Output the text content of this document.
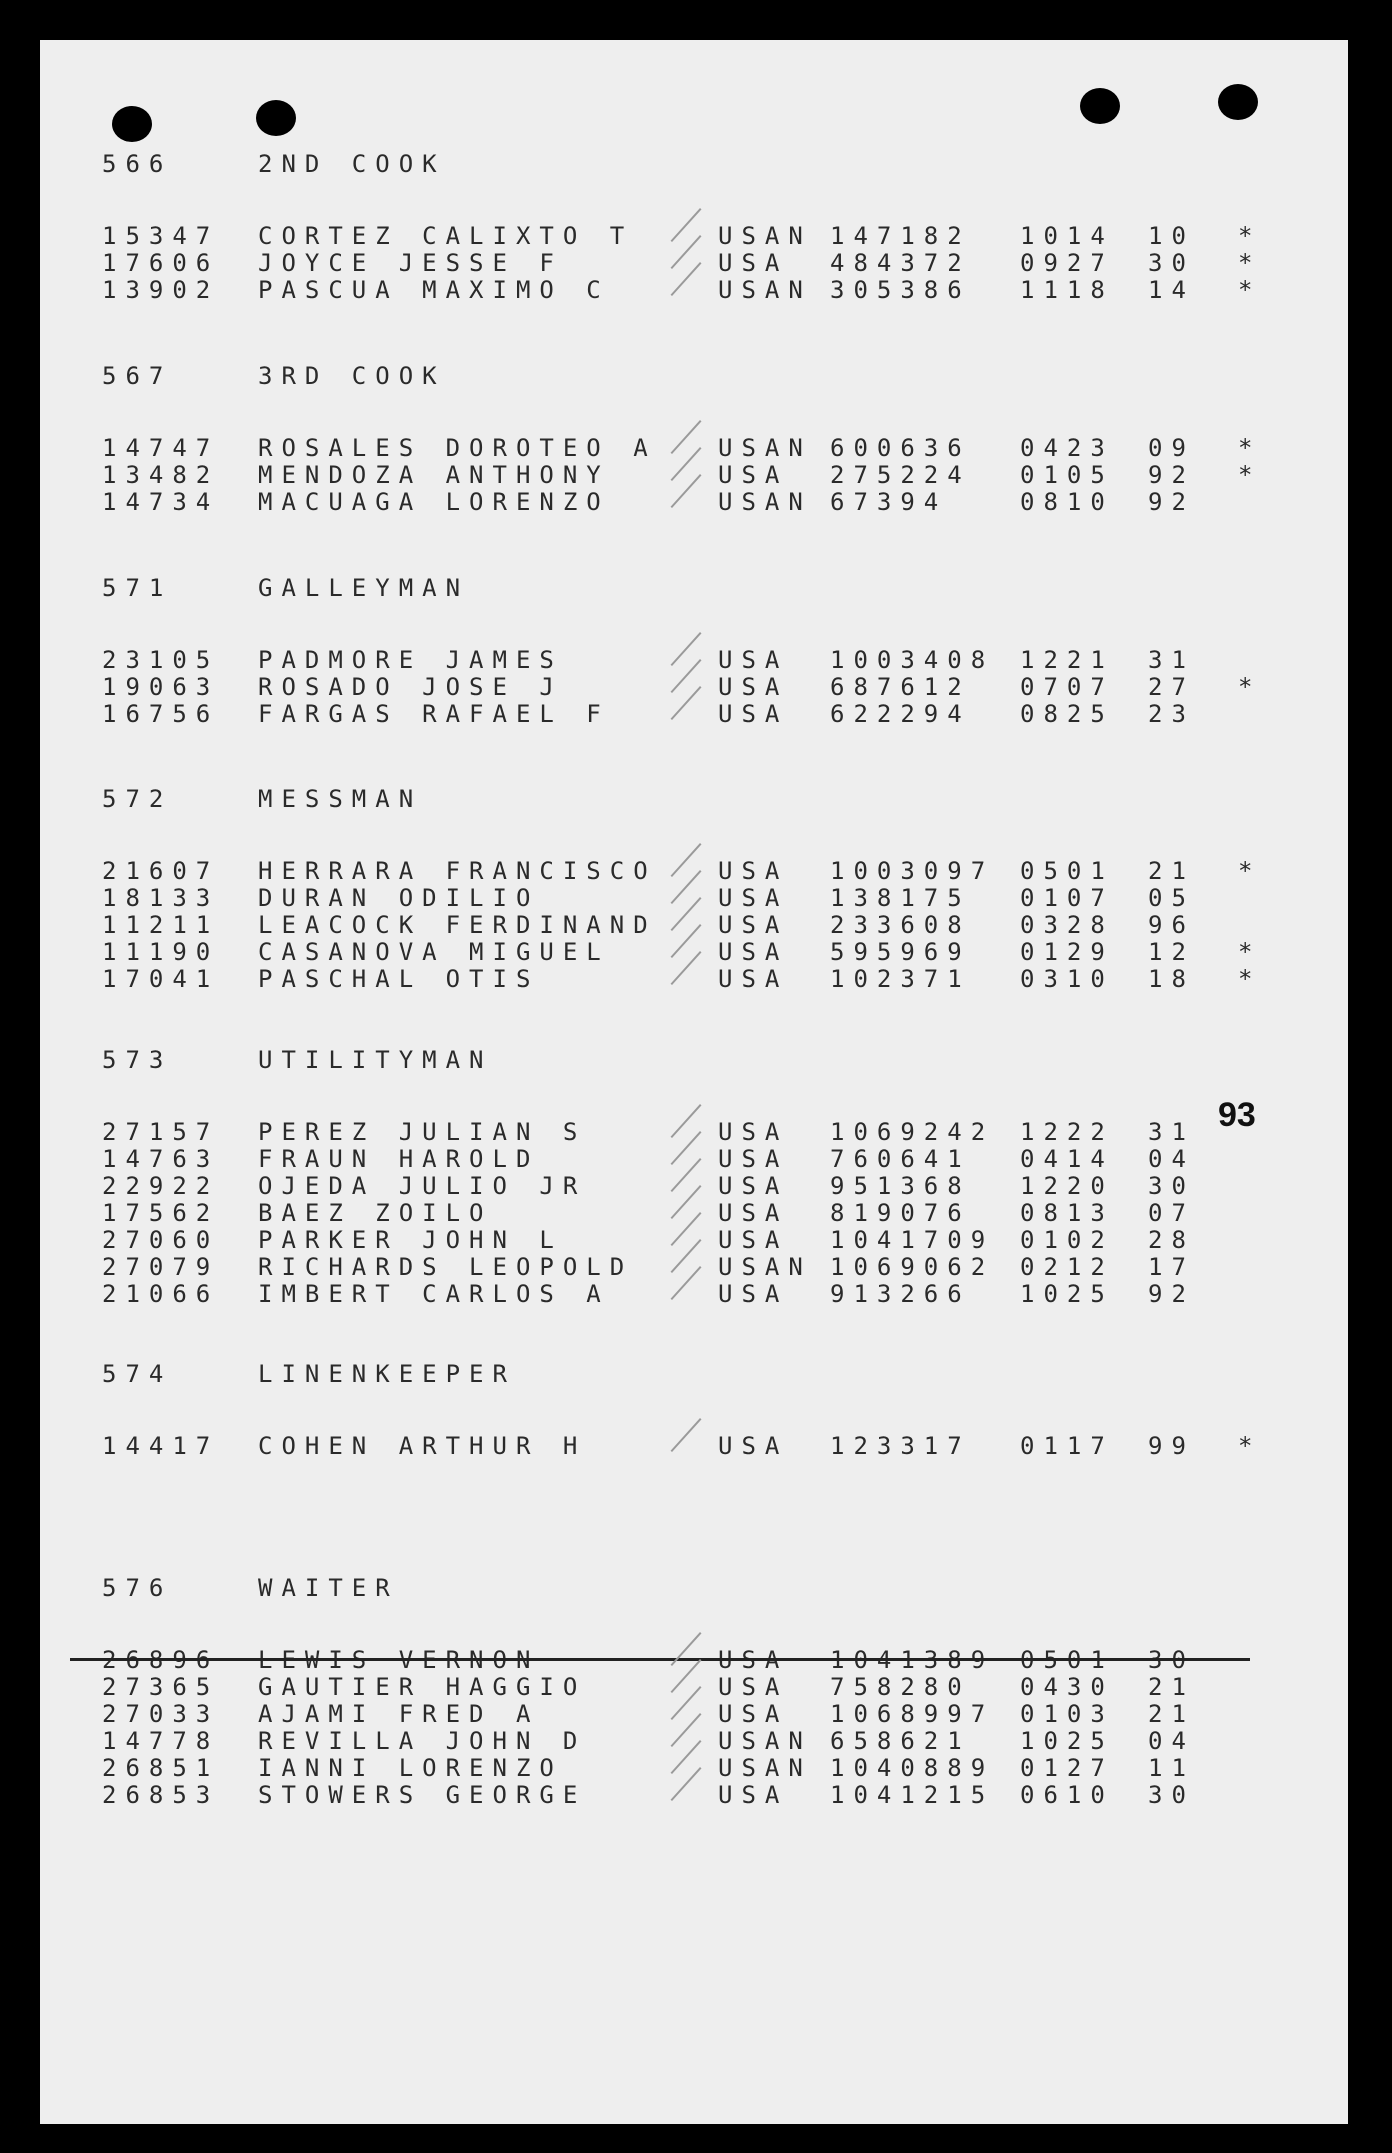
93
566	2ND COOK
15347 CORTEZ CALIXTO T	USAN 147182 1014 10 *
17606 JOYCE JESSE F	USA 484372 0927 30 *
13902 PASCUA MAXIMO C	USAN 305386 1118 14 *
567	3RD COOK
14747 ROSALES DOROTEO A	USAN 600636 0423 09 *
13482 MENDOZA ANTHONY	USA 275224 0105 92 *
14734 MACUAGA LORENZO	USAN 67394	0810 92
571	GALLEYMAN
23105 PADMORE JAMES	USA 1003408 1221 31
19063 ROSADO JOSE J	USA 687612 0707 27 *
16756 FARGAS RAFAEL F	USA 622294 0825 23
572	MESSMAN
21607 HERRARA FRANCISCO	USA 1003097 0501 21 *
18133 DURAN ODILIO	USA 138175 0107 05
11211 LEACOCK FERDINAND	USA 233608 0328 96
11190 CASANOVA MIGUEL	USA 595969 0129 12 *
17041 PASCHAL OTIS	USA 102371 0310 18 *
573	UTILITYMAN
27157 PEREZ JULIAN S	USA 1069242 1222 31
14763 FRAUN HAROLD	USA 760641 0414 04
22922 OJEDA JULIO JR	USA 951368 1220 30
17562 BAEZ ZOILO	USA 819076 0813 07
27060 PARKER JOHN L	USA 1041709 0102 28
27079 RICHARDS LEOPOLD	USAN 1069062 0212 17
21066 IMBERT CARLOS A	USA 913266 1025 92
574	LINENKEEPER
14417 COHEN ARTHUR H	USA 123317 0117 99 *
576	WAITER
26896 LEWIS VERNON	USA 1041389 0501 30
27365 GAUTIER HAGGIO	USA 758280 0430 21
27033 AJAMI FRED A	USA 1068997 0103 21
14778 REVILLA JOHN D	USAN 658621 1025 04
26851 IANNI LORENZO	USAN 1040889 0127 11
26853 STOWERS GEORGE	USA 1041215 0610 30
